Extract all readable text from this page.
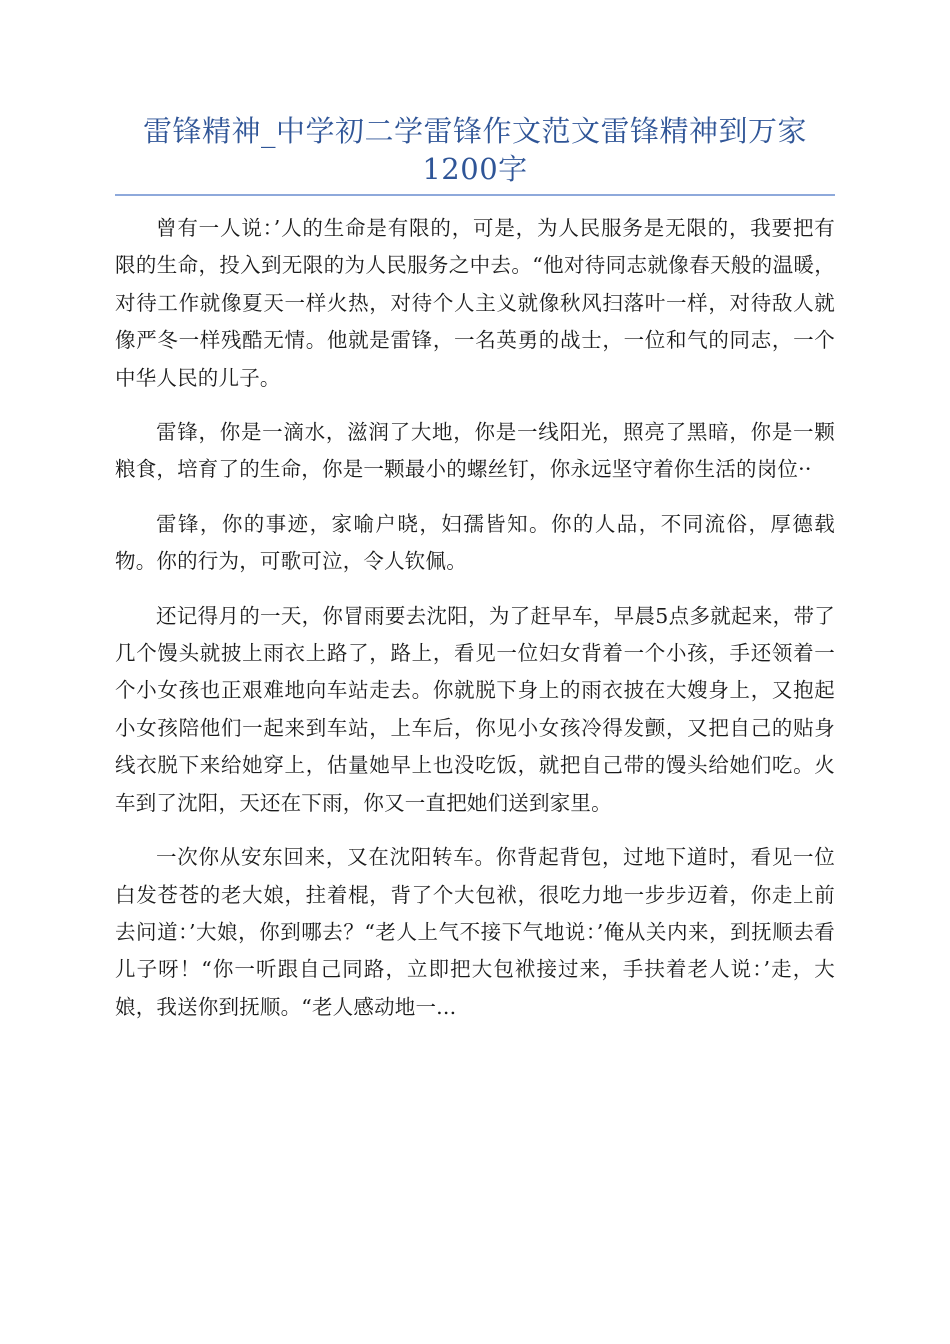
雷锋精神_中学初二学雷锋作文范文雷锋精神到万家1200字

曾有一人说：’人的生命是有限的，可是，为人民服务是无限的，我要把有限的生命，投入到无限的为人民服务之中去。“他对待同志就像春天般的温暖，对待工作就像夏天一样火热，对待个人主义就像秋风扫落叶一样，对待敌人就像严冬一样残酷无情。他就是雷锋，一名英勇的战士，一位和气的同志，一个中华人民的儿子。

雷锋，你是一滴水，滋润了大地，你是一线阳光，照亮了黑暗，你是一颗粮食，培育了的生命，你是一颗最小的螺丝钉，你永远坚守着你生活的岗位··

雷锋，你的事迹，家喻户晓，妇孺皆知。你的人品，不同流俗，厚德载物。你的行为，可歌可泣，令人钦佩。

还记得月的一天，你冒雨要去沈阳，为了赶早车，早晨5点多就起来，带了几个馒头就披上雨衣上路了，路上，看见一位妇女背着一个小孩，手还领着一个小女孩也正艰难地向车站走去。你就脱下身上的雨衣披在大嫂身上，又抱起小女孩陪他们一起来到车站，上车后，你见小女孩冷得发颤，又把自己的贴身线衣脱下来给她穿上，估量她早上也没吃饭，就把自己带的馒头给她们吃。火车到了沈阳，天还在下雨，你又一直把她们送到家里。

一次你从安东回来，又在沈阳转车。你背起背包，过地下道时，看见一位白发苍苍的老大娘，拄着棍，背了个大包袱，很吃力地一步步迈着，你走上前去问道：’大娘，你到哪去？“老人上气不接下气地说：’俺从关内来，到抚顺去看儿子呀！“你一听跟自己同路，立即把大包袱接过来，手扶着老人说：’走，大娘，我送你到抚顺。“老人感动地一...
